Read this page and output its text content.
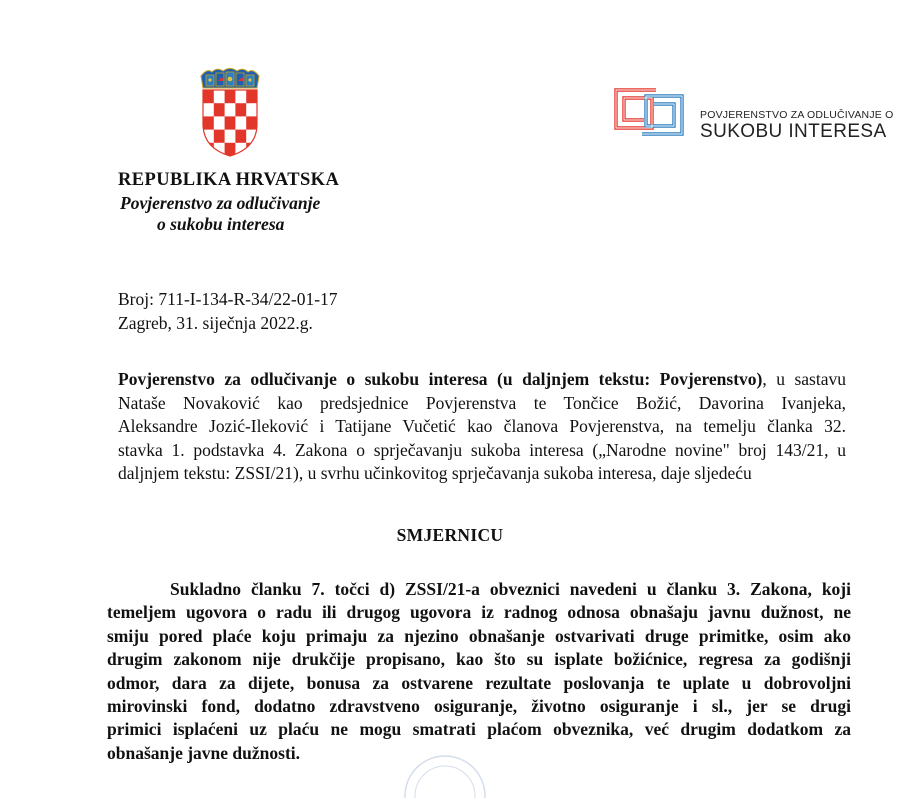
POVJERENSTVO ZA ODLUČIVANJE O
SUKOBU INTERESA
REPUBLIKA HRVATSKA
Povjerenstvo za odlučivanje
o sukobu interesa
Broj: 711-I-134-R-34/22-01-17
Zagreb, 31. siječnja 2022.g.
Povjerenstvo za odlučivanje o sukobu interesa (u daljnjem tekstu: Povjerenstvo), u sastavu
Nataše Novaković kao predsjednice Povjerenstva te Tončice Božić, Davorina Ivanjeka,
Aleksandre Jozić-Ileković i Tatijane Vučetić kao članova Povjerenstva, na temelju članka 32.
stavka 1. podstavka 4. Zakona o sprječavanju sukoba interesa („Narodne novine" broj 143/21, u
daljnjem tekstu: ZSSI/21), u svrhu učinkovitog sprječavanja sukoba interesa, daje sljedeću
SMJERNICU
Sukladno članku 7. točci d) ZSSI/21-a obveznici navedeni u članku 3. Zakona, koji
temeljem ugovora o radu ili drugog ugovora iz radnog odnosa obnašaju javnu dužnost, ne
smiju pored plaće koju primaju za njezino obnašanje ostvarivati druge primitke, osim ako
drugim zakonom nije drukčije propisano, kao što su isplate božićnice, regresa za godišnji
odmor, dara za dijete, bonusa za ostvarene rezultate poslovanja te uplate u dobrovoljni
mirovinski fond, dodatno zdravstveno osiguranje, životno osiguranje i sl., jer se drugi
primici isplaćeni uz plaću ne mogu smatrati plaćom obveznika, već drugim dodatkom za
obnašanje javne dužnosti.
